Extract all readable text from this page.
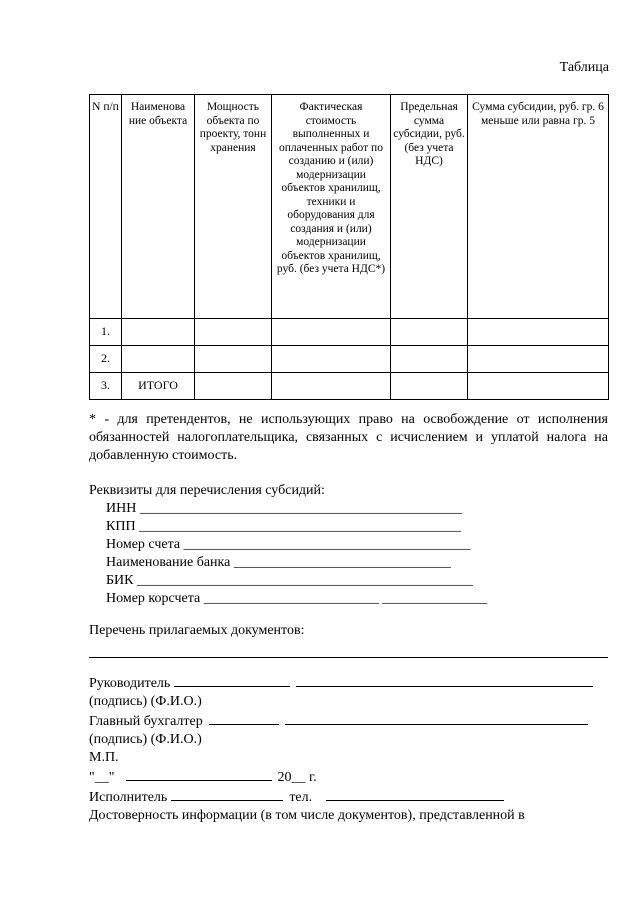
Таблица
N п/п	Наименова ние объекта	Мощность объекта по проекту, тонн хранения	Фактическая стоимость выполненных и оплаченных работ по созданию и (или) модернизации объектов хранилищ, техники и оборудования для создания и (или) модернизации объектов хранилищ, руб. (без учета НДС*)	Предельная сумма субсидии, руб. (без учета НДС)	Сумма субсидии, руб. гр. 6 меньше или равна гр. 5
1.					
2.					
3.	ИТОГО				
* - для претендентов, не использующих право на освобождение от исполнения обязанностей налогоплательщика, связанных с исчислением и уплатой налога на добавленную стоимость.
Реквизиты для перечисления субсидий:
ИНН ______________________________________________
КПП ______________________________________________
Номер счета _________________________________________
Наименование банка _______________________________
БИК ________________________________________________
Номер корсчета _________________________ _______________
Перечень прилагаемых документов:
Руководитель
(подпись) (Ф.И.О.)
Главный бухгалтер
(подпись) (Ф.И.О.)
М.П.
"__"	20__ г.
Исполнитель	тел.
Достоверность информации (в том числе документов), представленной в
